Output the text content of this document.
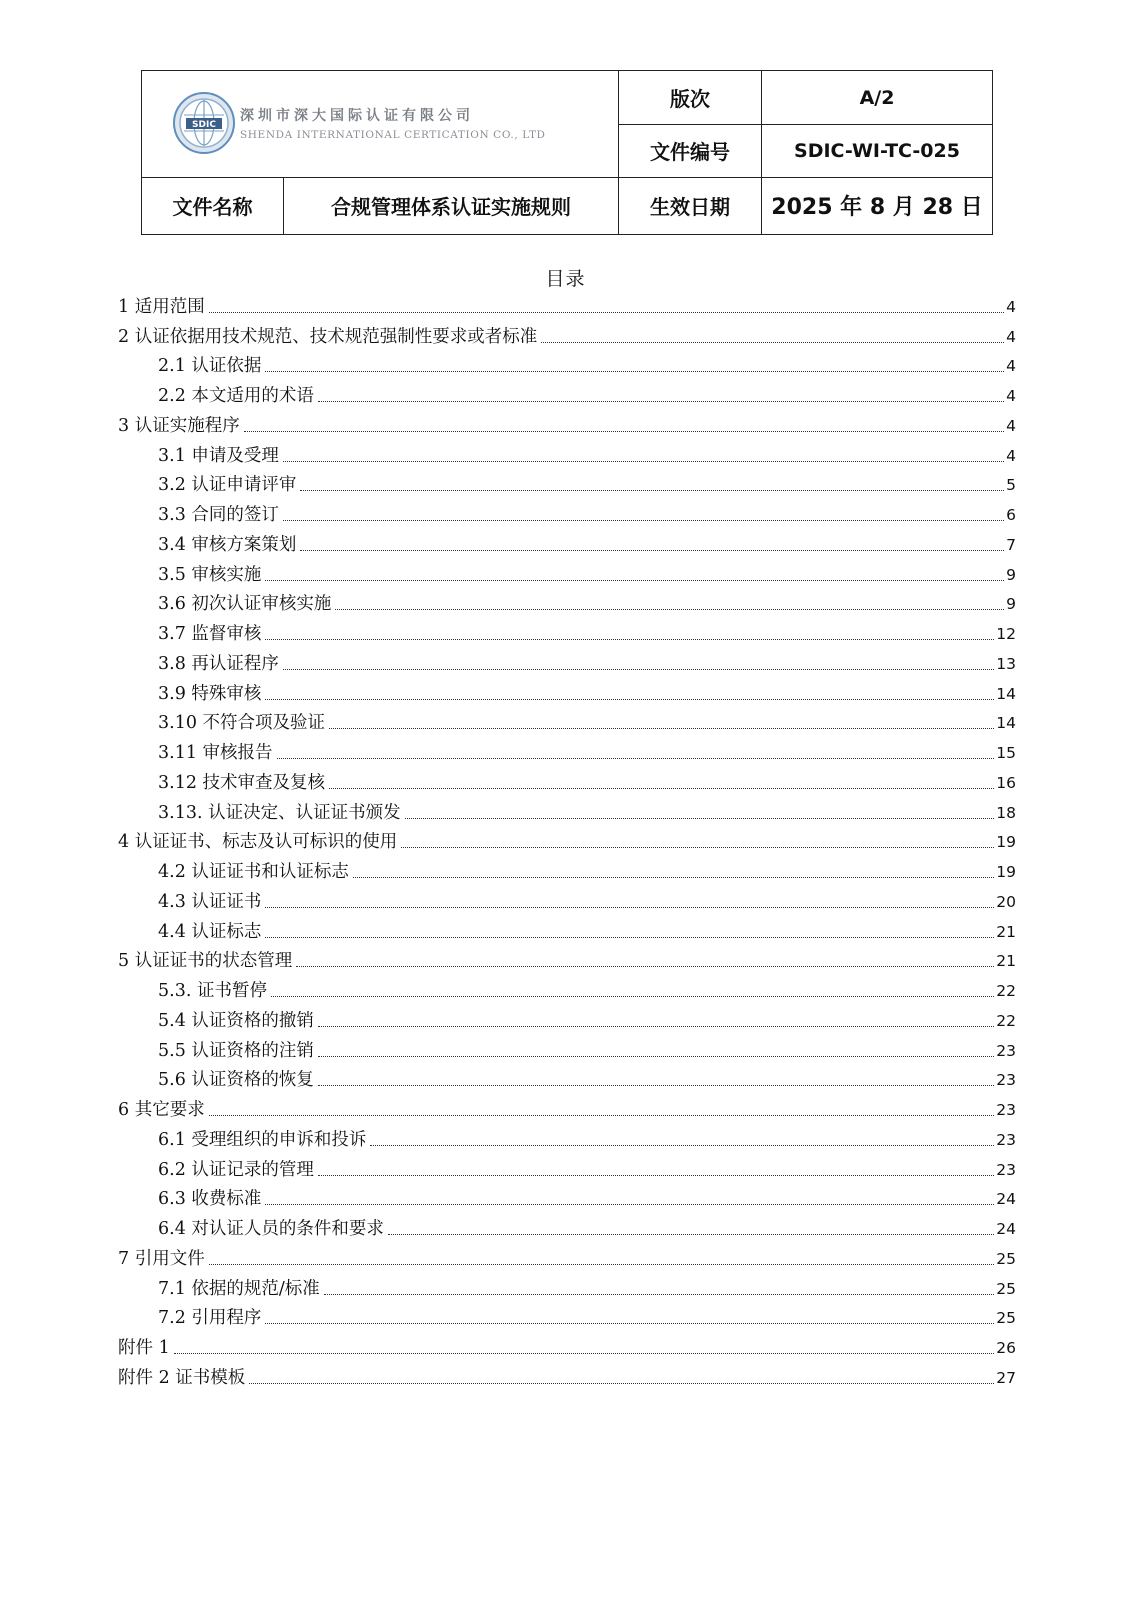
SDIC
深圳市深大国际认证有限公司
SHENDA INTERNATIONAL CERTICATION CO., LTD		版次	A/2
		文件编号	SDIC-WI-TC-025
文件名称	合规管理体系认证实施规则	生效日期	2025 年 8 月 28 日
目录
1 适用范围	4
2 认证依据用技术规范、技术规范强制性要求或者标准	4
2.1 认证依据	4
2.2 本文适用的术语	4
3 认证实施程序	4
3.1 申请及受理	4
3.2 认证申请评审	5
3.3 合同的签订	6
3.4 审核方案策划	7
3.5 审核实施	9
3.6 初次认证审核实施	9
3.7 监督审核	12
3.8 再认证程序	13
3.9 特殊审核	14
3.10 不符合项及验证	14
3.11 审核报告	15
3.12 技术审查及复核	16
3.13. 认证决定、认证证书颁发	18
4 认证证书、标志及认可标识的使用	19
4.2 认证证书和认证标志	19
4.3 认证证书	20
4.4 认证标志	21
5 认证证书的状态管理	21
5.3. 证书暂停	22
5.4 认证资格的撤销	22
5.5 认证资格的注销	23
5.6 认证资格的恢复	23
6 其它要求	23
6.1 受理组织的申诉和投诉	23
6.2 认证记录的管理	23
6.3 收费标准	24
6.4 对认证人员的条件和要求	24
7 引用文件	25
7.1 依据的规范/标准	25
7.2 引用程序	25
附件 1	26
附件 2 证书模板	27
